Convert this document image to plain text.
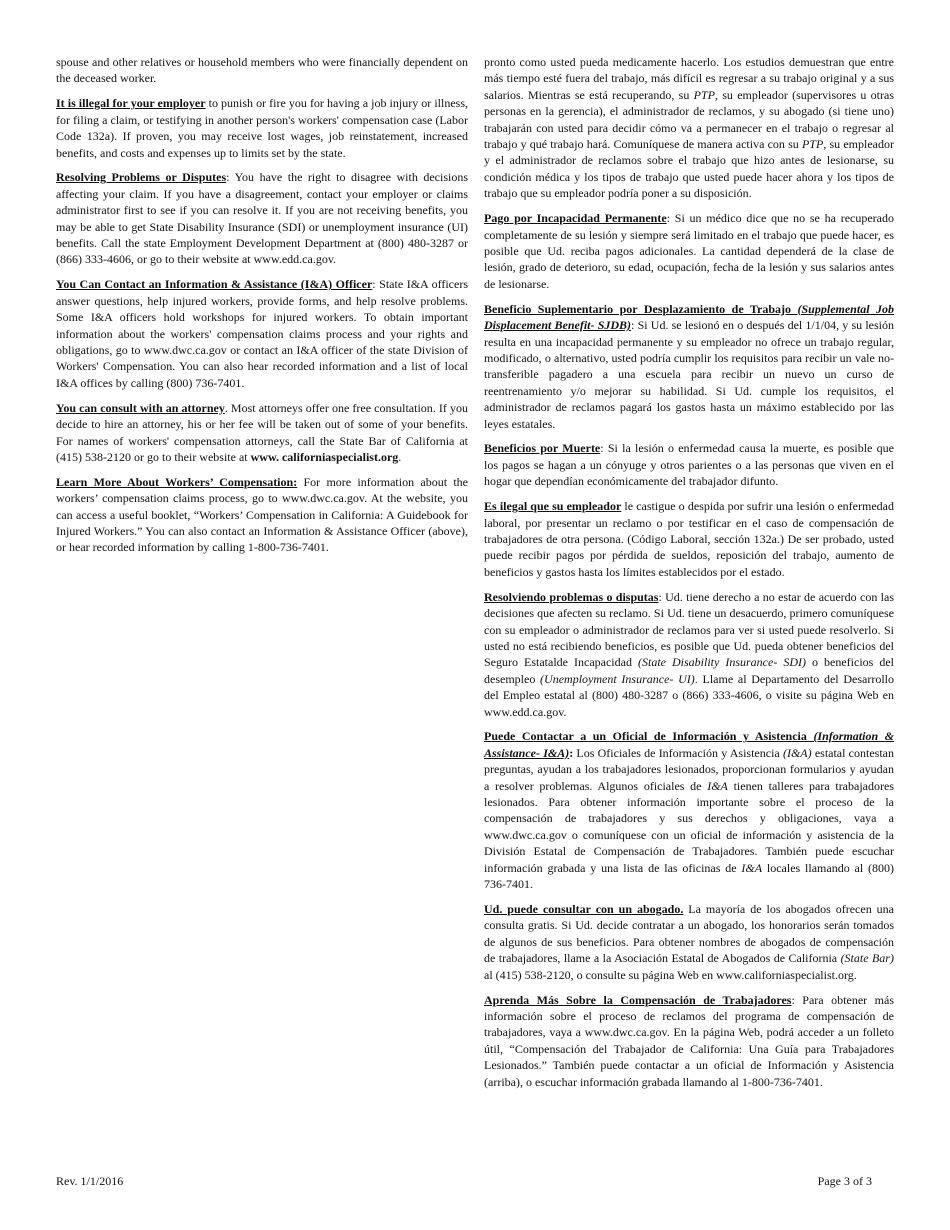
spouse and other relatives or household members who were financially dependent on the deceased worker.

It is illegal for your employer to punish or fire you for having a job injury or illness, for filing a claim, or testifying in another person's workers' compensation case (Labor Code 132a). If proven, you may receive lost wages, job reinstatement, increased benefits, and costs and expenses up to limits set by the state.

Resolving Problems or Disputes: You have the right to disagree with decisions affecting your claim. If you have a disagreement, contact your employer or claims administrator first to see if you can resolve it. If you are not receiving benefits, you may be able to get State Disability Insurance (SDI) or unemployment insurance (UI) benefits. Call the state Employment Development Department at (800) 480-3287 or (866) 333-4606, or go to their website at www.edd.ca.gov.

You Can Contact an Information & Assistance (I&A) Officer: State I&A officers answer questions, help injured workers, provide forms, and help resolve problems. Some I&A officers hold workshops for injured workers. To obtain important information about the workers' compensation claims process and your rights and obligations, go to www.dwc.ca.gov or contact an I&A officer of the state Division of Workers' Compensation. You can also hear recorded information and a list of local I&A offices by calling (800) 736-7401.

You can consult with an attorney. Most attorneys offer one free consultation. If you decide to hire an attorney, his or her fee will be taken out of some of your benefits. For names of workers' compensation attorneys, call the State Bar of California at (415) 538-2120 or go to their website at www. californiaspecialist.org.

Learn More About Workers’ Compensation: For more information about the workers’ compensation claims process, go to www.dwc.ca.gov. At the website, you can access a useful booklet, “Workers’ Compensation in California: A Guidebook for Injured Workers.” You can also contact an Information & Assistance Officer (above), or hear recorded information by calling 1-800-736-7401.

pronto como usted pueda medicamente hacerlo. Los estudios demuestran que entre más tiempo esté fuera del trabajo, más difícil es regresar a su trabajo original y a sus salarios. Mientras se está recuperando, su PTP, su empleador (supervisores u otras personas en la gerencia), el administrador de reclamos, y su abogado (si tiene uno) trabajarán con usted para decidir cómo va a permanecer en el trabajo o regresar al trabajo y qué trabajo hará. Comuníquese de manera activa con su PTP, su empleador y el administrador de reclamos sobre el trabajo que hizo antes de lesionarse, su condición médica y los tipos de trabajo que usted puede hacer ahora y los tipos de trabajo que su empleador podría poner a su disposición.

Pago por Incapacidad Permanente: Si un médico dice que no se ha recuperado completamente de su lesión y siempre será limitado en el trabajo que puede hacer, es posible que Ud. reciba pagos adicionales. La cantidad dependerá de la clase de lesión, grado de deterioro, su edad, ocupación, fecha de la lesión y sus salarios antes de lesionarse.

Beneficio Suplementario por Desplazamiento de Trabajo (Supplemental Job Displacement Benefit- SJDB): Si Ud. se lesionó en o después del 1/1/04, y su lesión resulta en una incapacidad permanente y su empleador no ofrece un trabajo regular, modificado, o alternativo, usted podría cumplir los requisitos para recibir un vale no-transferible pagadero a una escuela para recibir un nuevo un curso de reentrenamiento y/o mejorar su habilidad. Si Ud. cumple los requisitos, el administrador de reclamos pagará los gastos hasta un máximo establecido por las leyes estatales.

Beneficios por Muerte: Si la lesión o enfermedad causa la muerte, es posible que los pagos se hagan a un cónyuge y otros parientes o a las personas que viven en el hogar que dependían económicamente del trabajador difunto.

Es ilegal que su empleador le castigue o despida por sufrir una lesión o enfermedad laboral, por presentar un reclamo o por testificar en el caso de compensación de trabajadores de otra persona. (Código Laboral, sección 132a.) De ser probado, usted puede recibir pagos por pérdida de sueldos, reposición del trabajo, aumento de beneficios y gastos hasta los límites establecidos por el estado.

Resolviendo problemas o disputas: Ud. tiene derecho a no estar de acuerdo con las decisiones que afecten su reclamo. Si Ud. tiene un desacuerdo, primero comuníquese con su empleador o administrador de reclamos para ver si usted puede resolverlo. Si usted no está recibiendo beneficios, es posible que Ud. pueda obtener beneficios del Seguro Estatalde Incapacidad (State Disability Insurance- SDI) o beneficios del desempleo (Unemployment Insurance- UI). Llame al Departamento del Desarrollo del Empleo estatal al (800) 480-3287 o (866) 333-4606, o visite su página Web en www.edd.ca.gov.

Puede Contactar a un Oficial de Información y Asistencia (Information & Assistance- I&A): Los Oficiales de Información y Asistencia (I&A) estatal contestan preguntas, ayudan a los trabajadores lesionados, proporcionan formularios y ayudan a resolver problemas. Algunos oficiales de I&A tienen talleres para trabajadores lesionados. Para obtener información importante sobre el proceso de la compensación de trabajadores y sus derechos y obligaciones, vaya a www.dwc.ca.gov o comuníquese con un oficial de información y asistencia de la División Estatal de Compensación de Trabajadores. También puede escuchar información grabada y una lista de las oficinas de I&A locales llamando al (800) 736-7401.

Ud. puede consultar con un abogado. La mayoría de los abogados ofrecen una consulta gratis. Si Ud. decide contratar a un abogado, los honorarios serán tomados de algunos de sus beneficios. Para obtener nombres de abogados de compensación de trabajadores, llame a la Asociación Estatal de Abogados de California (State Bar) al (415) 538-2120, o consulte su página Web en www.californiaspecialist.org.

Aprenda Más Sobre la Compensación de Trabajadores: Para obtener más información sobre el proceso de reclamos del programa de compensación de trabajadores, vaya a www.dwc.ca.gov. En la página Web, podrá acceder a un folleto útil, “Compensación del Trabajador de California: Una Guía para Trabajadores Lesionados.” También puede contactar a un oficial de Información y Asistencia (arriba), o escuchar información grabada llamando al 1-800-736-7401.

Rev. 1/1/2016	Page 3 of 3
